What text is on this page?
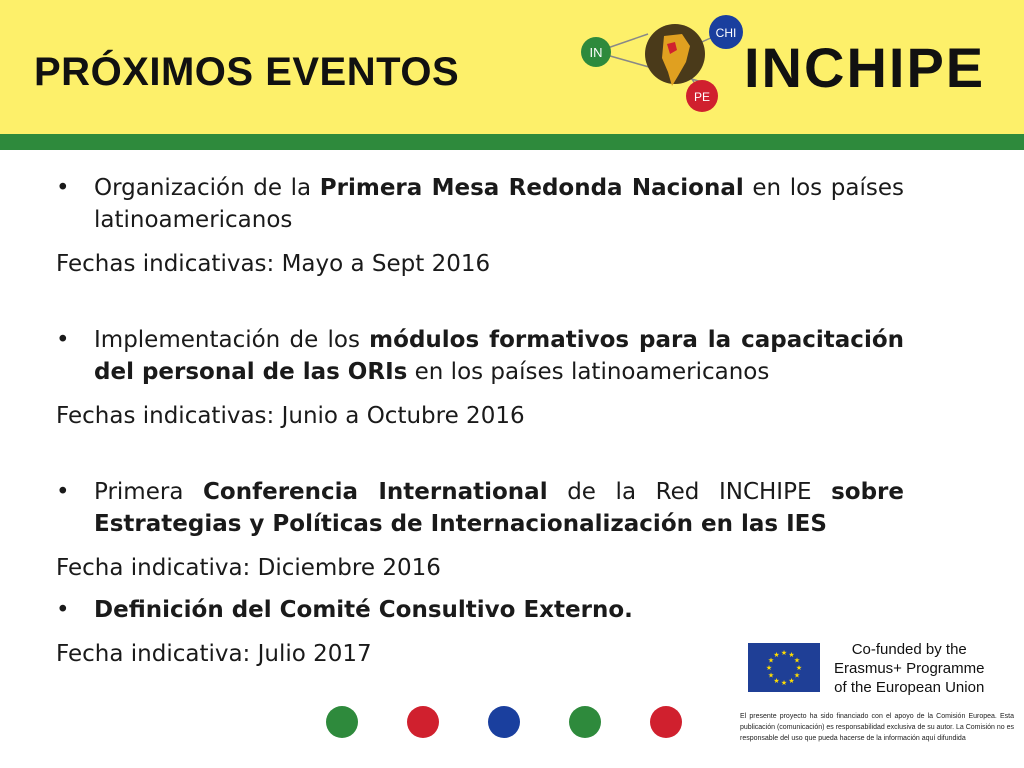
PRÓXIMOS EVENTOS	IN
CHI
PE INCHIPE
• Organización de la Primera Mesa Redonda Nacional en los países latinoamericanos
Fechas indicativas: Mayo a Sept 2016
• Implementación de los módulos formativos para la capacitación del personal de las ORIs en los países latinoamericanos
Fechas indicativas: Junio a Octubre 2016
• Primera Conferencia International de la Red INCHIPE sobre Estrategias y Políticas de Internacionalización en las IES
Fecha indicativa: Diciembre 2016
• Definición del Comité Consultivo Externo.
Fecha indicativa: Julio 2017
★
★
★
★
★
★
★
★
★ ★ ★
★
Co-funded by the
Erasmus+ Programme
of the European Union
El presente proyecto ha sido financiado con el apoyo de la Comisión Europea. Esta publicación (comunicación) es responsabilidad exclusiva de su autor. La Comisión no es responsable del uso que pueda hacerse de la información aquí difundida
